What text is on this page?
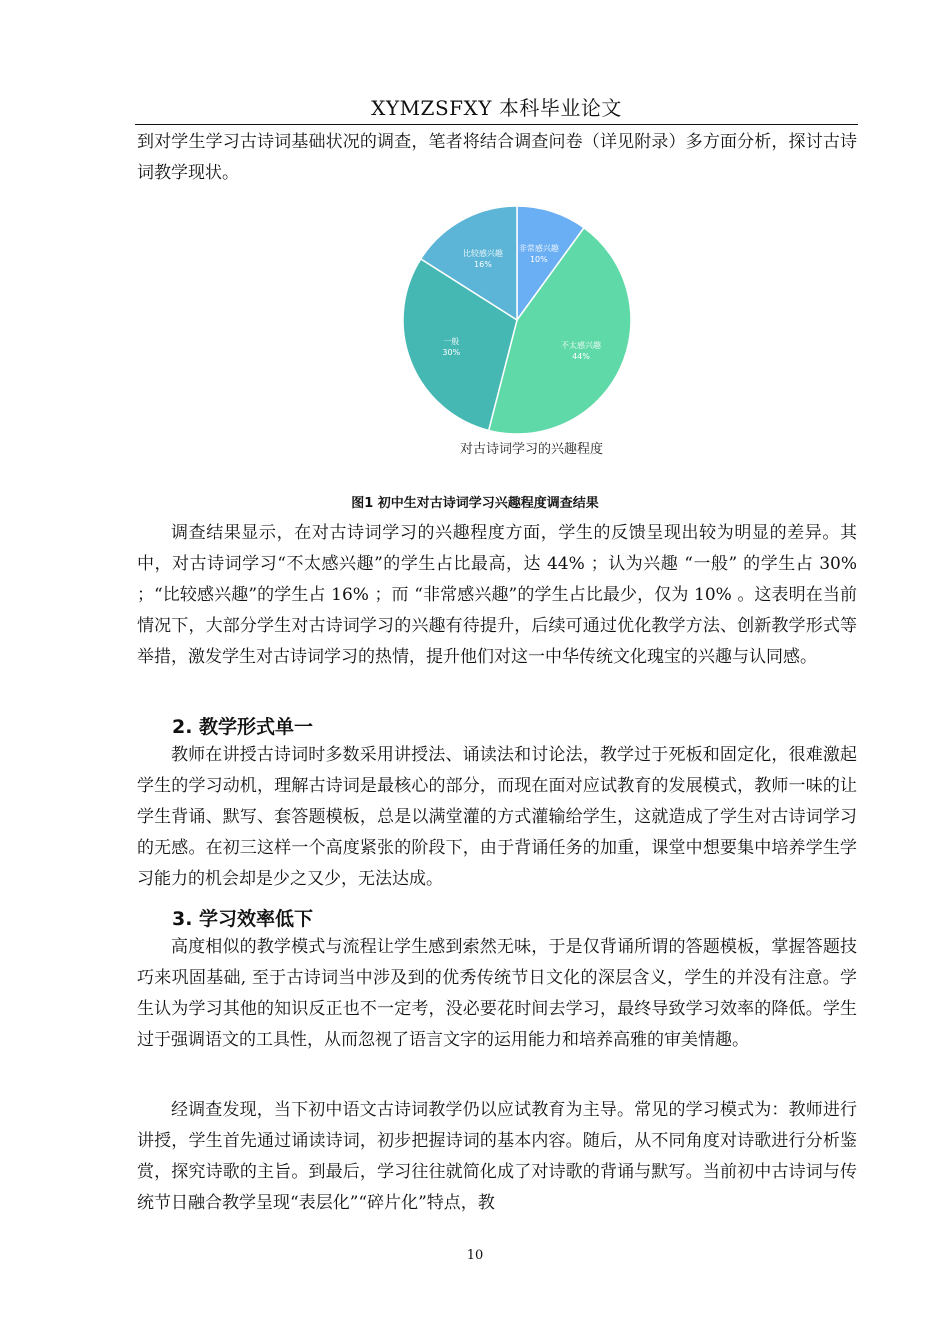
XYMZSFXY 本科毕业论文

到对学生学习古诗词基础状况的调查，笔者将结合调查问卷（详见附录）多方面分析，探讨古诗词教学现状。

非常感兴趣
10%
不太感兴趣
44%
一般
30%
比较感兴趣
16%
对古诗词学习的兴趣程度
图1 初中生对古诗词学习兴趣程度调查结果

调查结果显示，在对古诗词学习的兴趣程度方面，学生的反馈呈现出较为明显的差异。其中，对古诗词学习“不太感兴趣”的学生占比最高，达 44% ；认为兴趣 “一般” 的学生占 30% ；“比较感兴趣”的学生占 16% ；而 “非常感兴趣”的学生占比最少，仅为 10% 。这表明在当前情况下，大部分学生对古诗词学习的兴趣有待提升，后续可通过优化教学方法、创新教学形式等举措，激发学生对古诗词学习的热情，提升他们对这一中华传统文化瑰宝的兴趣与认同感。

2. 教学形式单一

教师在讲授古诗词时多数采用讲授法、诵读法和讨论法，教学过于死板和固定化，很难激起学生的学习动机，理解古诗词是最核心的部分，而现在面对应试教育的发展模式，教师一味的让学生背诵、默写、套答题模板，总是以满堂灌的方式灌输给学生，这就造成了学生对古诗词学习的无感。在初三这样一个高度紧张的阶段下，由于背诵任务的加重，课堂中想要集中培养学生学习能力的机会却是少之又少，无法达成。

3. 学习效率低下

高度相似的教学模式与流程让学生感到索然无味，于是仅背诵所谓的答题模板，掌握答题技巧来巩固基础, 至于古诗词当中涉及到的优秀传统节日文化的深层含义，学生的并没有注意。学生认为学习其他的知识反正也不一定考，没必要花时间去学习，最终导致学习效率的降低。学生过于强调语文的工具性，从而忽视了语言文字的运用能力和培养高雅的审美情趣。

经调查发现，当下初中语文古诗词教学仍以应试教育为主导。常见的学习模式为：教师进行讲授，学生首先通过诵读诗词，初步把握诗词的基本内容。随后，从不同角度对诗歌进行分析鉴赏，探究诗歌的主旨。到最后，学习往往就简化成了对诗歌的背诵与默写。当前初中古诗词与传统节日融合教学呈现“表层化”“碎片化”特点，教

10
